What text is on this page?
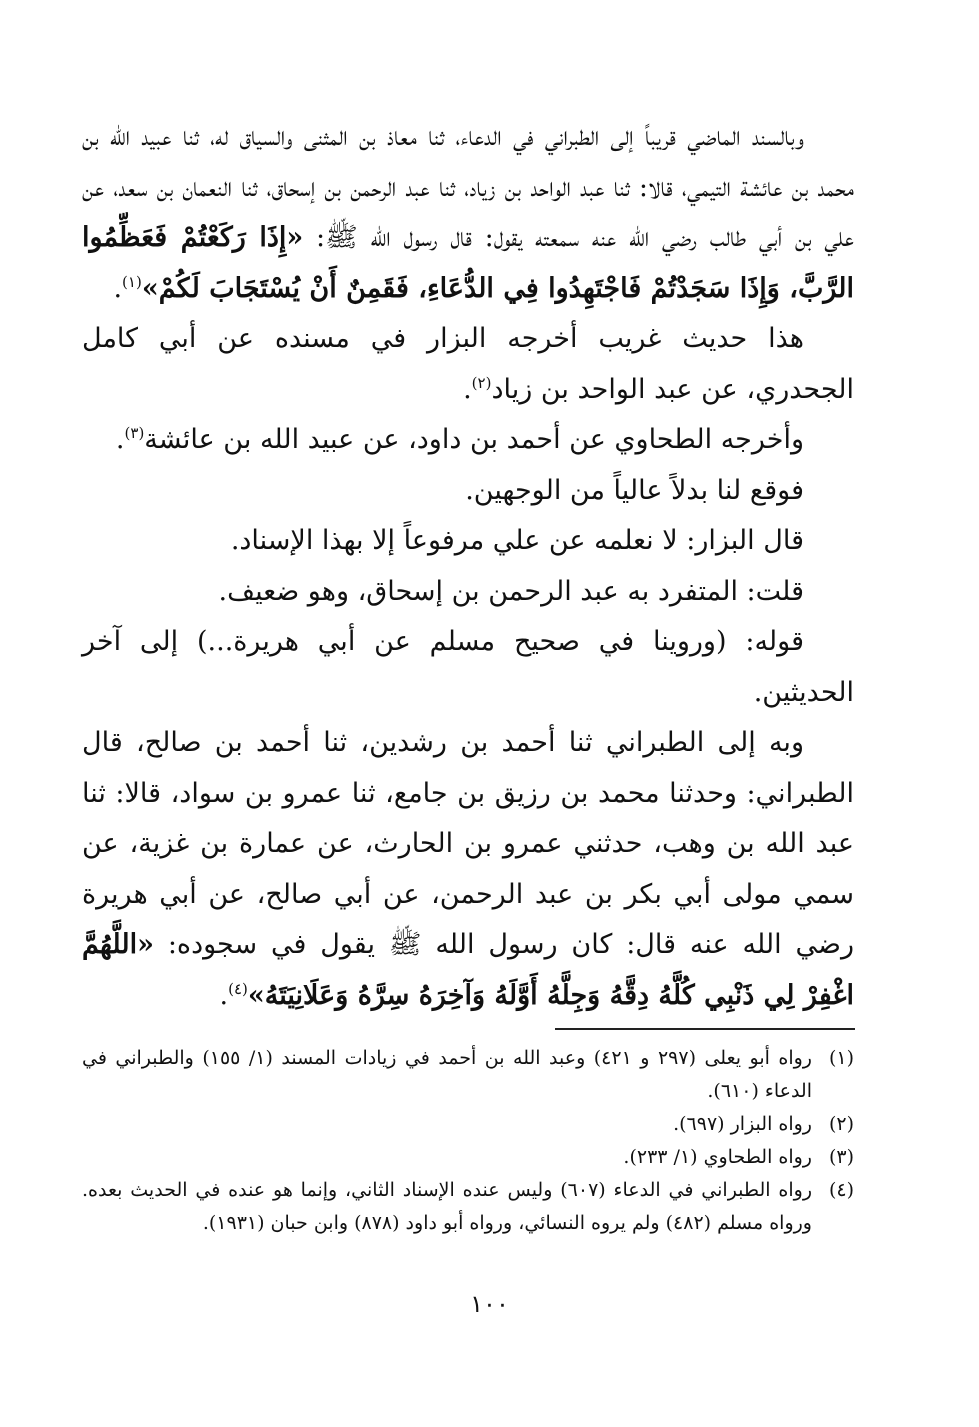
وبالسند الماضي قريباً إلى الطبراني في الدعاء، ثنا معاذ بن المثنى والسياق له، ثنا عبيد الله بن محمد بن عائشة التيمي، قالا: ثنا عبد الواحد بن زياد، ثنا عبد الرحمن بن إسحاق، ثنا النعمان بن سعد، عن علي بن أبي طالب رضي الله عنه سمعته يقول: قال رسول الله ﷺ: «إِذَا رَكَعْتُمْ فَعَظِّمُوا الرَّبَّ، وَإِذَا سَجَدْتُمْ فَاجْتَهِدُوا فِي الدُّعَاءِ، فَقَمِنٌ أَنْ يُسْتَجَابَ لَكُمْ»$^{(١)}$.

هذا حديث غريب أخرجه البزار في مسنده عن أبي كامل الجحدري، عن عبد الواحد بن زياد$^{(٢)}$.

وأخرجه الطحاوي عن أحمد بن داود، عن عبيد الله بن عائشة$^{(٣)}$.

فوقع لنا بدلاً عالياً من الوجهين.

قال البزار: لا نعلمه عن علي مرفوعاً إلا بهذا الإسناد.

قلت: المتفرد به عبد الرحمن بن إسحاق، وهو ضعيف.

قوله: (وروينا في صحيح مسلم عن أبي هريرة...) إلى آخر الحديثين.

وبه إلى الطبراني ثنا أحمد بن رشدين، ثنا أحمد بن صالح، قال الطبراني: وحدثنا محمد بن رزيق بن جامع، ثنا عمرو بن سواد، قالا: ثنا عبد الله بن وهب، حدثني عمرو بن الحارث، عن عمارة بن غزية، عن سمي مولى أبي بكر بن عبد الرحمن، عن أبي صالح، عن أبي هريرة رضي الله عنه قال: كان رسول الله ﷺ يقول في سجوده: «اللَّهُمَّ اغْفِرْ لِي ذَنْبِي كُلَّهُ دِقَّهُ وَجِلَّهُ أَوَّلَهُ وَآخِرَهُ سِرَّهُ وَعَلَانِيَتَهُ»$^{(٤)}$.

(١)
رواه أبو يعلى (٢٩٧ و ٤٢١) وعبد الله بن أحمد في زيادات المسند (١/ ١٥٥) والطبراني في الدعاء (٦١٠).

(٢)
رواه البزار (٦٩٧).

(٣)
رواه الطحاوي (١/ ٢٣٣).

(٤)
رواه الطبراني في الدعاء (٦٠٧) وليس عنده الإسناد الثاني، وإنما هو عنده في الحديث بعده. ورواه مسلم (٤٨٢) ولم يروه النسائي، ورواه أبو داود (٨٧٨) وابن حبان (١٩٣١).

١٠٠
